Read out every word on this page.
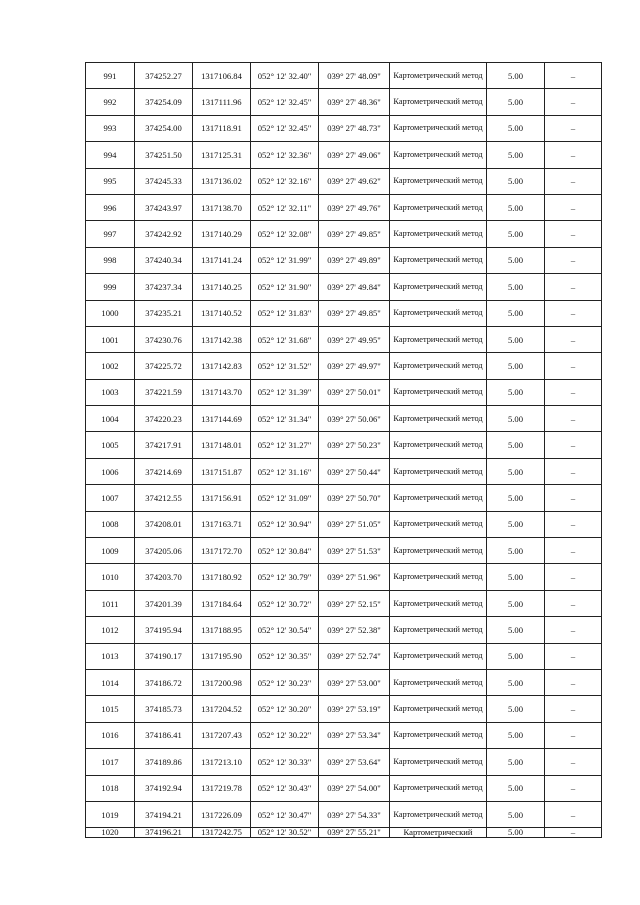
991	374252.27	1317106.84	052° 12' 32.40"	039° 27' 48.09"	Картометрический метод	5.00	–
992	374254.09	1317111.96	052° 12' 32.45"	039° 27' 48.36"	Картометрический метод	5.00	–
993	374254.00	1317118.91	052° 12' 32.45"	039° 27' 48.73"	Картометрический метод	5.00	–
994	374251.50	1317125.31	052° 12' 32.36"	039° 27' 49.06"	Картометрический метод	5.00	–
995	374245.33	1317136.02	052° 12' 32.16"	039° 27' 49.62"	Картометрический метод	5.00	–
996	374243.97	1317138.70	052° 12' 32.11"	039° 27' 49.76"	Картометрический метод	5.00	–
997	374242.92	1317140.29	052° 12' 32.08"	039° 27' 49.85"	Картометрический метод	5.00	–
998	374240.34	1317141.24	052° 12' 31.99"	039° 27' 49.89"	Картометрический метод	5.00	–
999	374237.34	1317140.25	052° 12' 31.90"	039° 27' 49.84"	Картометрический метод	5.00	–
1000	374235.21	1317140.52	052° 12' 31.83"	039° 27' 49.85"	Картометрический метод	5.00	–
1001	374230.76	1317142.38	052° 12' 31.68"	039° 27' 49.95"	Картометрический метод	5.00	–
1002	374225.72	1317142.83	052° 12' 31.52"	039° 27' 49.97"	Картометрический метод	5.00	–
1003	374221.59	1317143.70	052° 12' 31.39"	039° 27' 50.01"	Картометрический метод	5.00	–
1004	374220.23	1317144.69	052° 12' 31.34"	039° 27' 50.06"	Картометрический метод	5.00	–
1005	374217.91	1317148.01	052° 12' 31.27"	039° 27' 50.23"	Картометрический метод	5.00	–
1006	374214.69	1317151.87	052° 12' 31.16"	039° 27' 50.44"	Картометрический метод	5.00	–
1007	374212.55	1317156.91	052° 12' 31.09"	039° 27' 50.70"	Картометрический метод	5.00	–
1008	374208.01	1317163.71	052° 12' 30.94"	039° 27' 51.05"	Картометрический метод	5.00	–
1009	374205.06	1317172.70	052° 12' 30.84"	039° 27' 51.53"	Картометрический метод	5.00	–
1010	374203.70	1317180.92	052° 12' 30.79"	039° 27' 51.96"	Картометрический метод	5.00	–
1011	374201.39	1317184.64	052° 12' 30.72"	039° 27' 52.15"	Картометрический метод	5.00	–
1012	374195.94	1317188.95	052° 12' 30.54"	039° 27' 52.38"	Картометрический метод	5.00	–
1013	374190.17	1317195.90	052° 12' 30.35"	039° 27' 52.74"	Картометрический метод	5.00	–
1014	374186.72	1317200.98	052° 12' 30.23"	039° 27' 53.00"	Картометрический метод	5.00	–
1015	374185.73	1317204.52	052° 12' 30.20"	039° 27' 53.19"	Картометрический метод	5.00	–
1016	374186.41	1317207.43	052° 12' 30.22"	039° 27' 53.34"	Картометрический метод	5.00	–
1017	374189.86	1317213.10	052° 12' 30.33"	039° 27' 53.64"	Картометрический метод	5.00	–
1018	374192.94	1317219.78	052° 12' 30.43"	039° 27' 54.00"	Картометрический метод	5.00	–
1019	374194.21	1317226.09	052° 12' 30.47"	039° 27' 54.33"	Картометрический метод	5.00	–
1020	374196.21	1317242.75	052° 12' 30.52"	039° 27' 55.21"	Картометрический	5.00	–
